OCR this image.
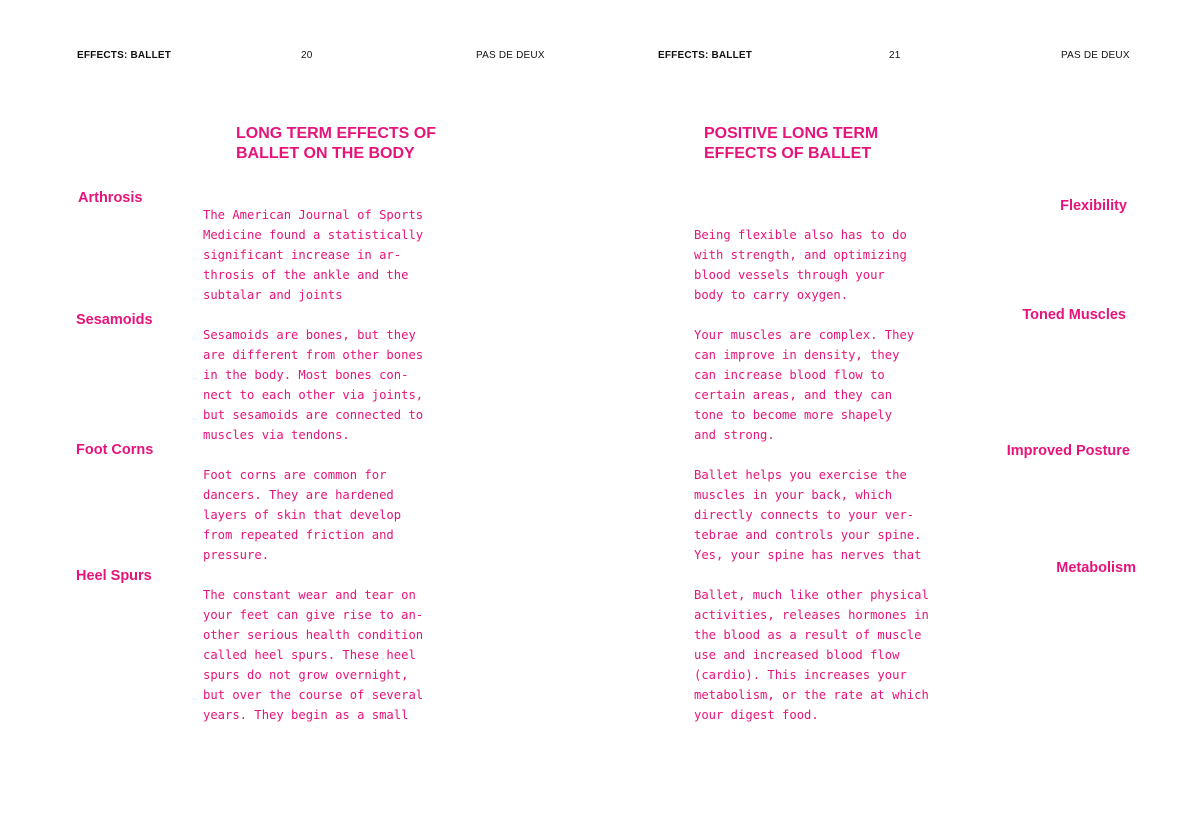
EFFECTS: BALLET	20	PAS DE DEUX
LONG TERM EFFECTS OF
BALLET ON THE BODY
Arthrosis
Sesamoids
Foot Corns
Heel Spurs
The American Journal of Sports
Medicine found a statistically
significant increase in ar-
throsis of the ankle and the
subtalar and joints
Sesamoids are bones, but they
are different from other bones
in the body. Most bones con-
nect to each other via joints,
but sesamoids are connected to
muscles via tendons.
Foot corns are common for
dancers. They are hardened
layers of skin that develop
from repeated friction and
pressure.
The constant wear and tear on
your feet can give rise to an-
other serious health condition
called heel spurs. These heel
spurs do not grow overnight,
but over the course of several
years. They begin as a small
EFFECTS: BALLET	21	PAS DE DEUX
POSITIVE LONG TERM
EFFECTS OF BALLET
Flexibility
Toned Muscles
Improved Posture
Metabolism
Being flexible also has to do
with strength, and optimizing
blood vessels through your
body to carry oxygen.
Your muscles are complex. They
can improve in density, they
can increase blood flow to
certain areas, and they can
tone to become more shapely
and strong.
Ballet helps you exercise the
muscles in your back, which
directly connects to your ver-
tebrae and controls your spine.
Yes, your spine has nerves that
Ballet, much like other physical
activities, releases hormones in
the blood as a result of muscle
use and increased blood flow
(cardio). This increases your
metabolism, or the rate at which
your digest food.
